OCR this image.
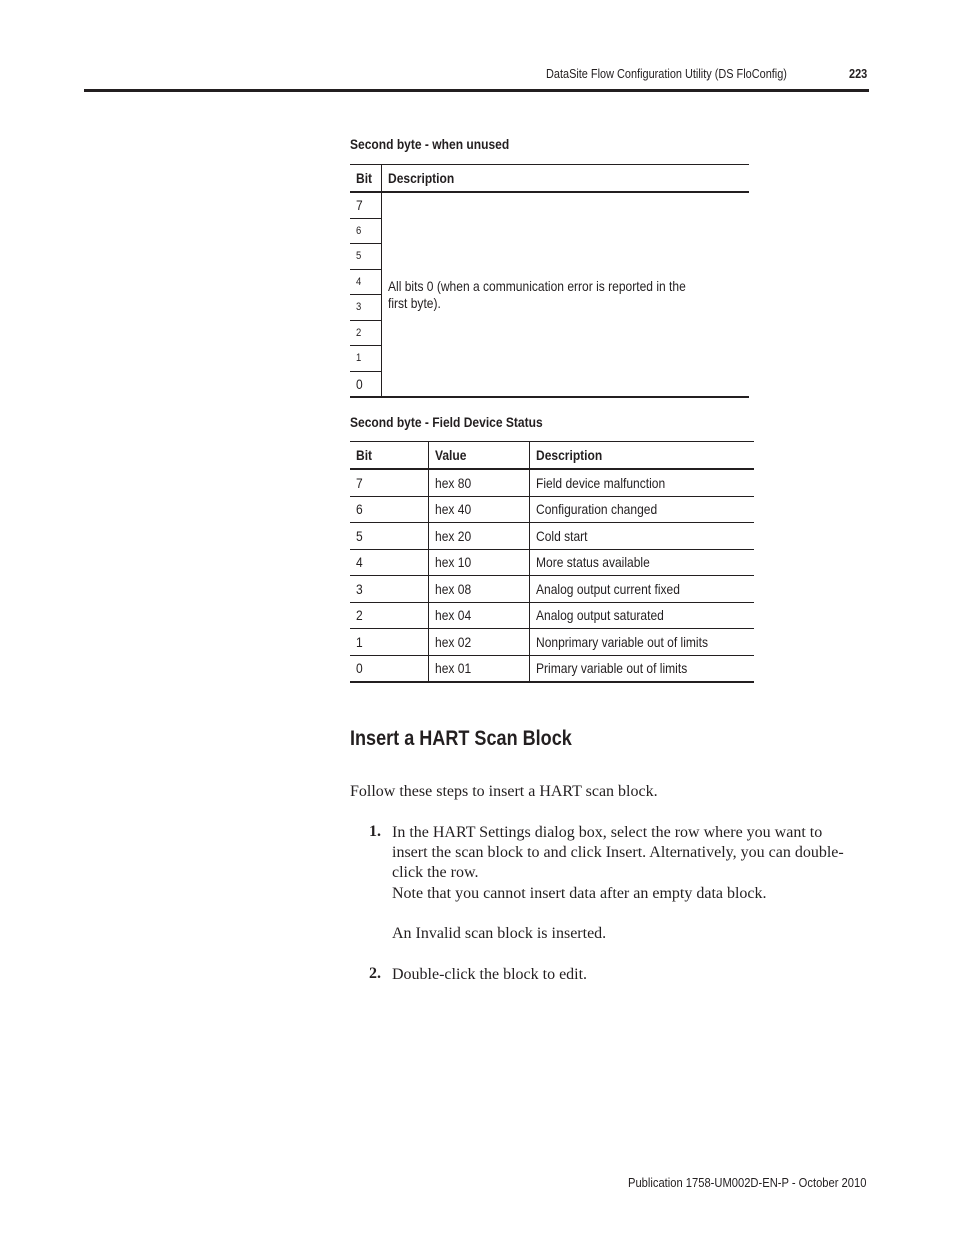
DataSite Flow Configuration Utility (DS FloConfig)	223
Second byte - when unused
Bit	Description
7	All bits 0 (when a communication error is reported in the first byte).
6	
5	
4	
3	
2	
1	
0	
Second byte - Field Device Status
Bit	Value	Description
7	hex 80	Field device malfunction
6	hex 40	Configuration changed
5	hex 20	Cold start
4	hex 10	More status available
3	hex 08	Analog output current fixed
2	hex 04	Analog output saturated
1	hex 02	Nonprimary variable out of limits
0	hex 01	Primary variable out of limits
Insert a HART Scan Block
Follow these steps to insert a HART scan block.
1. In the HART Settings dialog box, select the row where you want to insert the scan block to and click Insert. Alternatively, you can double-click the row.
Note that you cannot insert data after an empty data block.
An Invalid scan block is inserted.
2. Double-click the block to edit.
Publication 1758-UM002D-EN-P - October 2010
